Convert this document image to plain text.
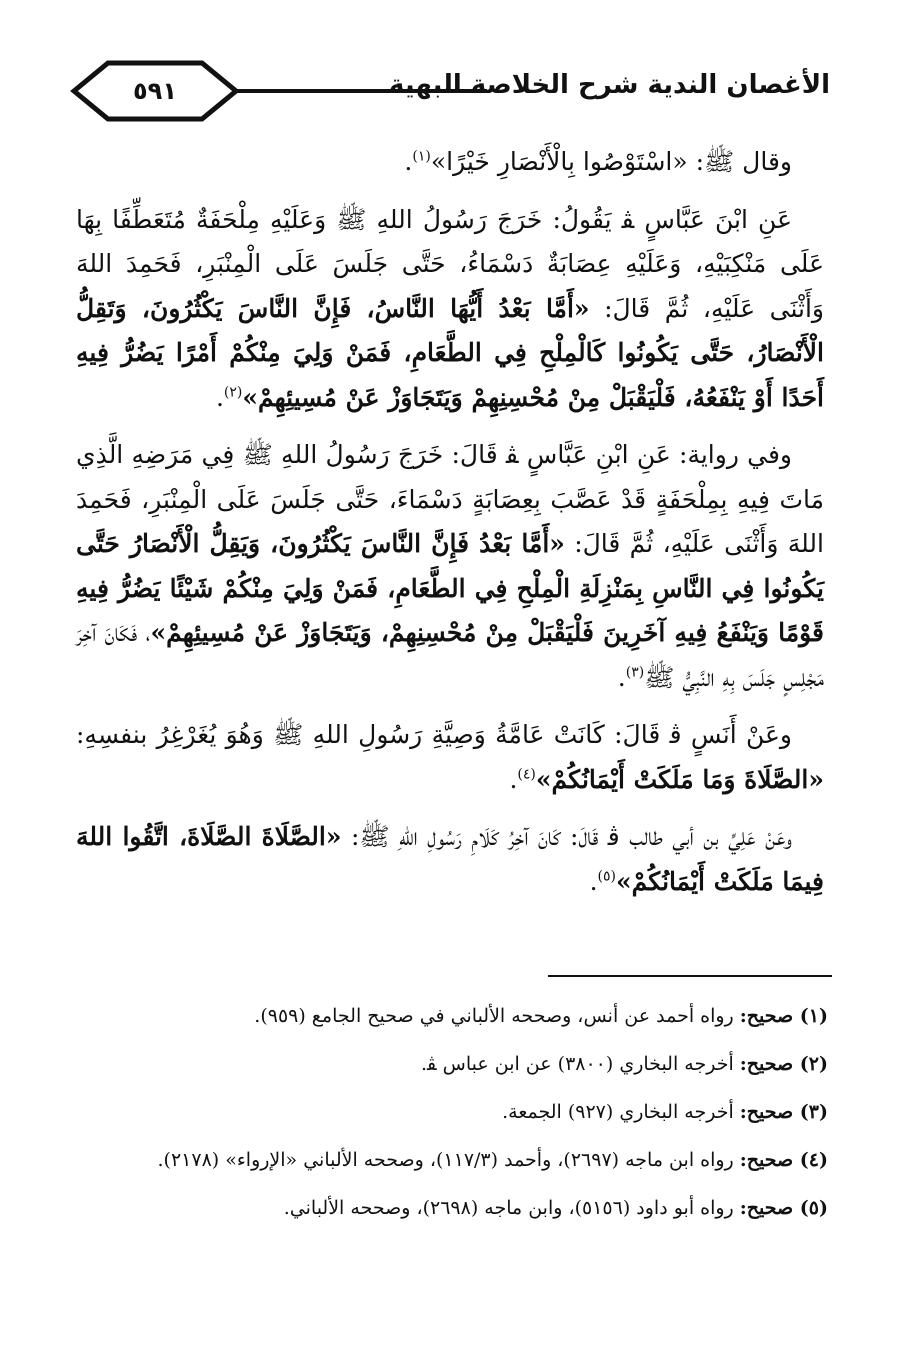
٥٩١	الأغصان الندية شرح الخلاصة البهية

وقال ﷺ: «اسْتَوْصُوا بِالْأَنْصَارِ خَيْرًا»$^{(١)}$.

عَنِ ابْنَ عَبَّاسٍ ﭭ يَقُولُ: خَرَجَ رَسُولُ اللهِ ﷺ وَعَلَيْهِ مِلْحَفَةٌ مُتَعَطِّفًا بِهَا عَلَى مَنْكِبَيْهِ، وَعَلَيْهِ عِصَابَةٌ دَسْمَاءُ، حَتَّى جَلَسَ عَلَى الْمِنْبَرِ، فَحَمِدَ اللهَ وَأَثْنَى عَلَيْهِ، ثُمَّ قَالَ: «أَمَّا بَعْدُ أَيُّهَا النَّاسُ، فَإِنَّ النَّاسَ يَكْثُرُونَ، وَتَقِلُّ الْأَنْصَارُ، حَتَّى يَكُونُوا كَالْمِلْحِ فِي الطَّعَامِ، فَمَنْ وَلِيَ مِنْكُمْ أَمْرًا يَضُرُّ فِيهِ أَحَدًا أَوْ يَنْفَعُهُ، فَلْيَقْبَلْ مِنْ مُحْسِنِهِمْ وَيَتَجَاوَزْ عَنْ مُسِيئِهِمْ»$^{(٢)}$.

وفي رواية: عَنِ ابْنِ عَبَّاسٍ ﭭ قَالَ: خَرَجَ رَسُولُ اللهِ ﷺ فِي مَرَضِهِ الَّذِي مَاتَ فِيهِ بِمِلْحَفَةٍ قَدْ عَصَّبَ بِعِصَابَةٍ دَسْمَاءَ، حَتَّى جَلَسَ عَلَى الْمِنْبَرِ، فَحَمِدَ اللهَ وَأَثْنَى عَلَيْهِ، ثُمَّ قَالَ: «أَمَّا بَعْدُ فَإِنَّ النَّاسَ يَكْثُرُونَ، وَيَقِلُّ الْأَنْصَارُ حَتَّى يَكُونُوا فِي النَّاسِ بِمَنْزِلَةِ الْمِلْحِ فِي الطَّعَامِ، فَمَنْ وَلِيَ مِنْكُمْ شَيْئًا يَضُرُّ فِيهِ قَوْمًا وَيَنْفَعُ فِيهِ آخَرِينَ فَلْيَقْبَلْ مِنْ مُحْسِنِهِمْ، وَيَتَجَاوَزْ عَنْ مُسِيئِهِمْ»، فَكَانَ آخِرَ مَجْلِسٍ جَلَسَ بِهِ النَّبِيُّ ﷺ$^{(٣)}$.

وعَنْ أَنَسٍ ﭬ قَالَ: كَانَتْ عَامَّةُ وَصِيَّةِ رَسُولِ اللهِ ﷺ وَهُوَ يُغَرْغِرُ بنفسِهِ: «الصَّلَاةَ وَمَا مَلَكَتْ أَيْمَانُكُمْ»$^{(٤)}$.

وعَنْ عَلِيِّ بن أبي طالب ﭬ قَالَ: كَانَ آخِرُ كَلَامِ رَسُولِ اللهِ ﷺ: «الصَّلَاةَ الصَّلَاةَ، اتَّقُوا اللهَ فِيمَا مَلَكَتْ أَيْمَانُكُمْ»$^{(٥)}$.

(١) صحيح: رواه أحمد عن أنس، وصححه الألباني في صحيح الجامع (٩٥٩).
(٢) صحيح: أخرجه البخاري (٣٨٠٠) عن ابن عباس ﭭ.
(٣) صحيح: أخرجه البخاري (٩٢٧) الجمعة.
(٤) صحيح: رواه ابن ماجه (٢٦٩٧)، وأحمد (١١٧/٣)، وصححه الألباني «الإرواء» (٢١٧٨).
(٥) صحيح: رواه أبو داود (٥١٥٦)، وابن ماجه (٢٦٩٨)، وصححه الألباني.
